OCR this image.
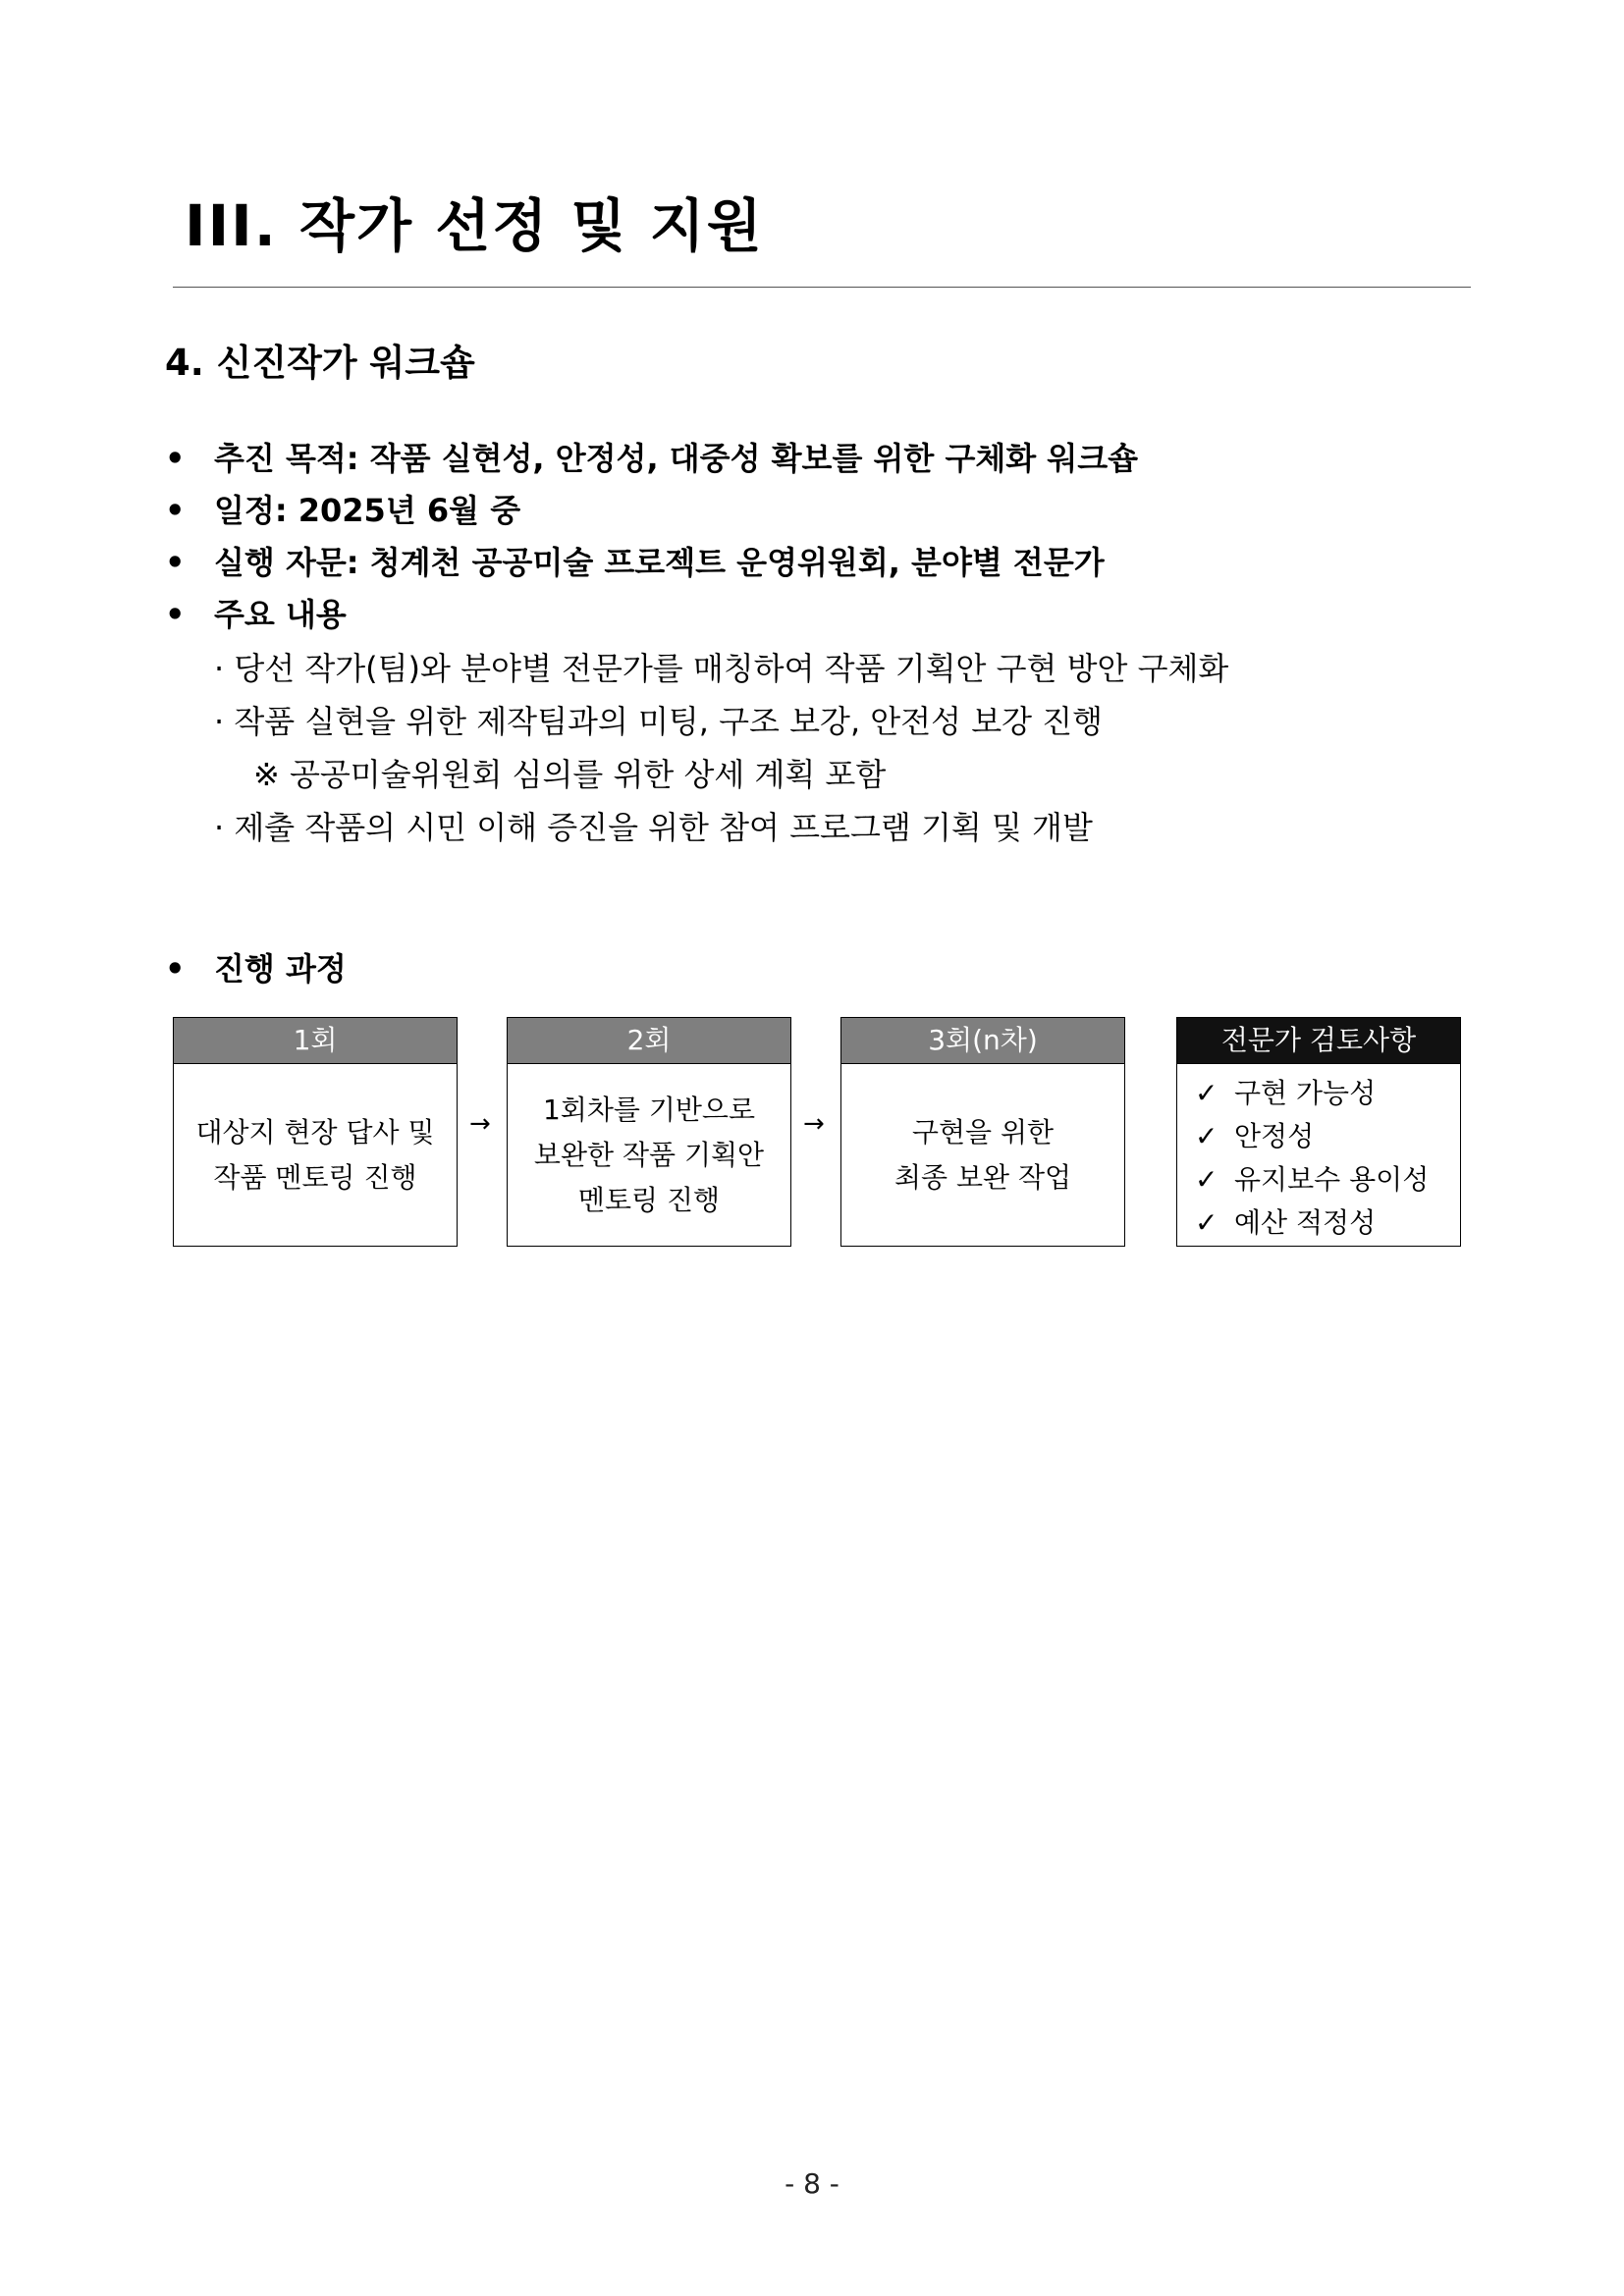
III. 작가 선정 및 지원
4. 신진작가 워크숍
• 추진 목적: 작품 실현성, 안정성, 대중성 확보를 위한 구체화 워크숍
• 일정: 2025년 6월 중
• 실행 자문: 청계천 공공미술 프로젝트 운영위원회, 분야별 전문가
• 주요 내용
· 당선 작가(팀)와 분야별 전문가를 매칭하여 작품 기획안 구현 방안 구체화
· 작품 실현을 위한 제작팀과의 미팅, 구조 보강, 안전성 보강 진행
※ 공공미술위원회 심의를 위한 상세 계획 포함
· 제출 작품의 시민 이해 증진을 위한 참여 프로그램 기획 및 개발
• 진행 과정
1회
대상지 현장 답사 및
작품 멘토링 진행
→
2회
1회차를 기반으로
보완한 작품 기획안
멘토링 진행
→
3회(n차)
구현을 위한
최종 보완 작업
전문가 검토사항
✓ 구현 가능성
✓ 안정성
✓ 유지보수 용이성
✓ 예산 적정성
- 8 -
